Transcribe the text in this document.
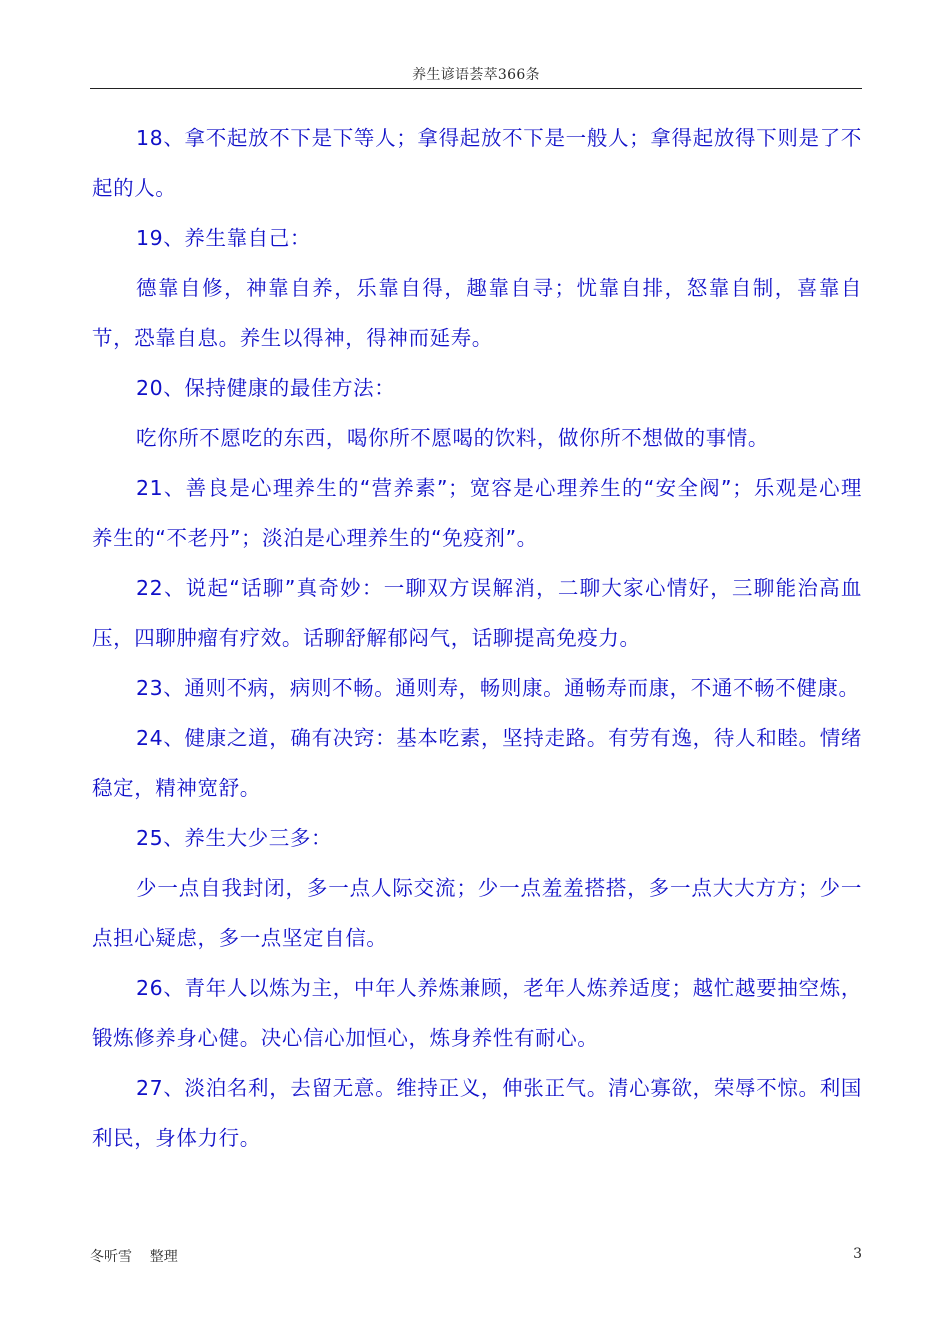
养生谚语荟萃366条

18、拿不起放不下是下等人；拿得起放不下是一般人；拿得起放得下则是了不起的人。

19、养生靠自己：

德靠自修，神靠自养，乐靠自得，趣靠自寻；忧靠自排，怒靠自制，喜靠自节，恐靠自息。养生以得神，得神而延寿。

20、保持健康的最佳方法：

吃你所不愿吃的东西，喝你所不愿喝的饮料，做你所不想做的事情。

21、善良是心理养生的“营养素”；宽容是心理养生的“安全阀”；乐观是心理养生的“不老丹”；淡泊是心理养生的“免疫剂”。

22、说起“话聊”真奇妙：一聊双方误解消，二聊大家心情好，三聊能治高血压，四聊肿瘤有疗效。话聊舒解郁闷气，话聊提高免疫力。

23、通则不病，病则不畅。通则寿，畅则康。通畅寿而康，不通不畅不健康。

24、健康之道，确有决窍：基本吃素，坚持走路。有劳有逸，待人和睦。情绪稳定，精神宽舒。

25、养生大少三多：

少一点自我封闭，多一点人际交流；少一点羞羞搭搭，多一点大大方方；少一点担心疑虑，多一点坚定自信。

26、青年人以炼为主，中年人养炼兼顾，老年人炼养适度；越忙越要抽空炼，锻炼修养身心健。决心信心加恒心，炼身养性有耐心。

27、淡泊名利，去留无意。维持正义，伸张正气。清心寡欲，荣辱不惊。利国利民，身体力行。

冬听雪    整理	3
